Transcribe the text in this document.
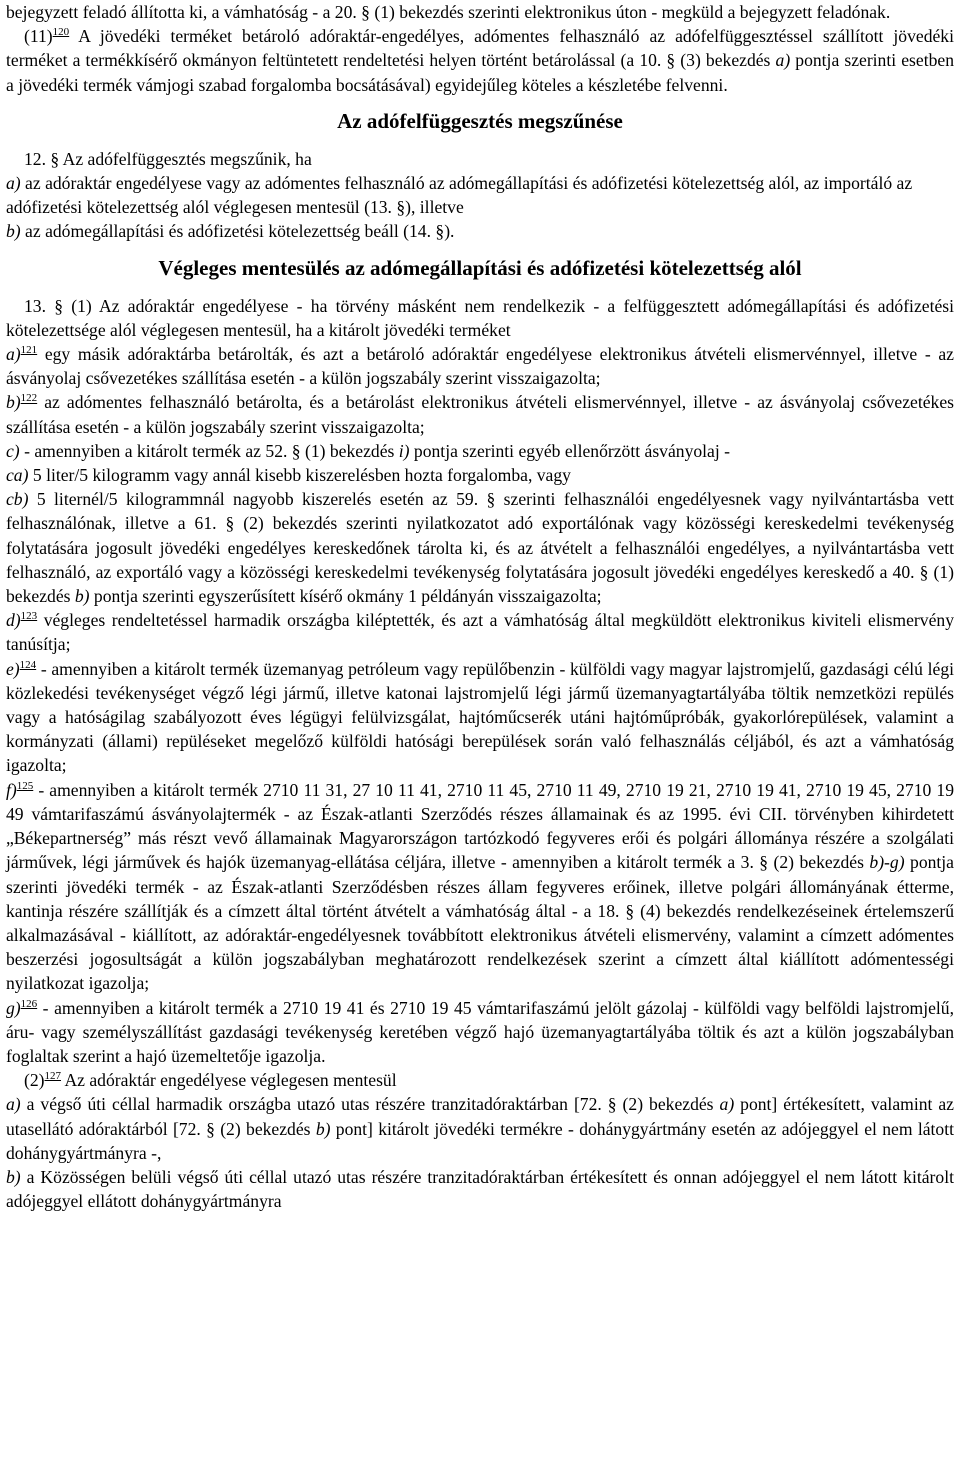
bejegyzett feladó állította ki, a vámhatóság - a 20. § (1) bekezdés szerinti elektronikus úton - megküld a bejegyzett feladónak.

$(11)^{120}$ A jövedéki terméket betároló adóraktár-engedélyes, adómentes felhasználó az adófelfüggesztéssel szállított jövedéki terméket a termékkísérő okmányon feltüntetett rendeltetési helyen történt betárolással (a 10. § (3) bekezdés a) pontja szerinti esetben a jövedéki termék vámjogi szabad forgalomba bocsátásával) egyidejűleg köteles a készletébe felvenni.

Az adófelfüggesztés megszűnése

12. § Az adófelfüggesztés megszűnik, ha

a) az adóraktár engedélyese vagy az adómentes felhasználó az adómegállapítási és adófizetési kötelezettség alól, az importáló az adófizetési kötelezettség alól véglegesen mentesül (13. §), illetve

b) az adómegállapítási és adófizetési kötelezettség beáll (14. §).

Végleges mentesülés az adómegállapítási és adófizetési kötelezettség alól

13. § (1) Az adóraktár engedélyese - ha törvény másként nem rendelkezik - a felfüggesztett adómegállapítási és adófizetési kötelezettsége alól véglegesen mentesül, ha a kitárolt jövedéki terméket

a)$^{121}$ egy másik adóraktárba betárolták, és azt a betároló adóraktár engedélyese elektronikus átvételi elismervénnyel, illetve - az ásványolaj csővezetékes szállítása esetén - a külön jogszabály szerint visszaigazolta;

b)$^{122}$ az adómentes felhasználó betárolta, és a betárolást elektronikus átvételi elismervénnyel, illetve - az ásványolaj csővezetékes szállítása esetén - a külön jogszabály szerint visszaigazolta;

c) - amennyiben a kitárolt termék az 52. § (1) bekezdés i) pontja szerinti egyéb ellenőrzött ásványolaj -

ca) 5 liter/5 kilogramm vagy annál kisebb kiszerelésben hozta forgalomba, vagy

cb) 5 liternél/5 kilogrammnál nagyobb kiszerelés esetén az 59. § szerinti felhasználói engedélyesnek vagy nyilvántartásba vett felhasználónak, illetve a 61. § (2) bekezdés szerinti nyilatkozatot adó exportálónak vagy közösségi kereskedelmi tevékenység folytatására jogosult jövedéki engedélyes kereskedőnek tárolta ki, és az átvételt a felhasználói engedélyes, a nyilvántartásba vett felhasználó, az exportáló vagy a közösségi kereskedelmi tevékenység folytatására jogosult jövedéki engedélyes kereskedő a 40. § (1) bekezdés b) pontja szerinti egyszerűsített kísérő okmány 1 példányán visszaigazolta;

d)$^{123}$ végleges rendeltetéssel harmadik országba kiléptették, és azt a vámhatóság által megküldött elektronikus kiviteli elismervény tanúsítja;

e)$^{124}$ - amennyiben a kitárolt termék üzemanyag petróleum vagy repülőbenzin - külföldi vagy magyar lajstromjelű, gazdasági célú légi közlekedési tevékenységet végző légi jármű, illetve katonai lajstromjelű légi jármű üzemanyagtartályába töltik nemzetközi repülés vagy a hatóságilag szabályozott éves légügyi felülvizsgálat, hajtóműcserék utáni hajtóműpróbák, gyakorlórepülések, valamint a kormányzati (állami) repüléseket megelőző külföldi hatósági berepülések során való felhasználás céljából, és azt a vámhatóság igazolta;

f)$^{125}$ - amennyiben a kitárolt termék 2710 11 31, 27 10 11 41, 2710 11 45, 2710 11 49, 2710 19 21, 2710 19 41, 2710 19 45, 2710 19 49 vámtarifaszámú ásványolajtermék - az Észak-atlanti Szerződés részes államainak és az 1995. évi CII. törvényben kihirdetett „Békepartnerség” más részt vevő államainak Magyarországon tartózkodó fegyveres erői és polgári állománya részére a szolgálati járművek, légi járművek és hajók üzemanyag-ellátása céljára, illetve - amennyiben a kitárolt termék a 3. § (2) bekezdés b)-g) pontja szerinti jövedéki termék - az Észak-atlanti Szerződésben részes állam fegyveres erőinek, illetve polgári állományának étterme, kantinja részére szállítják és a címzett által történt átvételt a vámhatóság által - a 18. § (4) bekezdés rendelkezéseinek értelemszerű alkalmazásával - kiállított, az adóraktár-engedélyesnek továbbított elektronikus átvételi elismervény, valamint a címzett adómentes beszerzési jogosultságát a külön jogszabályban meghatározott rendelkezések szerint a címzett által kiállított adómentességi nyilatkozat igazolja;

g)$^{126}$ - amennyiben a kitárolt termék a 2710 19 41 és 2710 19 45 vámtarifaszámú jelölt gázolaj - külföldi vagy belföldi lajstromjelű, áru- vagy személyszállítást gazdasági tevékenység keretében végző hajó üzemanyagtartályába töltik és azt a külön jogszabályban foglaltak szerint a hajó üzemeltetője igazolja.

$(2)^{127}$ Az adóraktár engedélyese véglegesen mentesül

a) a végső úti céllal harmadik országba utazó utas részére tranzitadóraktárban [72. § (2) bekezdés a) pont] értékesített, valamint az utasellátó adóraktárból [72. § (2) bekezdés b) pont] kitárolt jövedéki termékre - dohánygyártmány esetén az adójeggyel el nem látott dohánygyártmányra -,

b) a Közösségen belüli végső úti céllal utazó utas részére tranzitadóraktárban értékesített és onnan adójeggyel el nem látott kitárolt adójeggyel ellátott dohánygyártmányra
